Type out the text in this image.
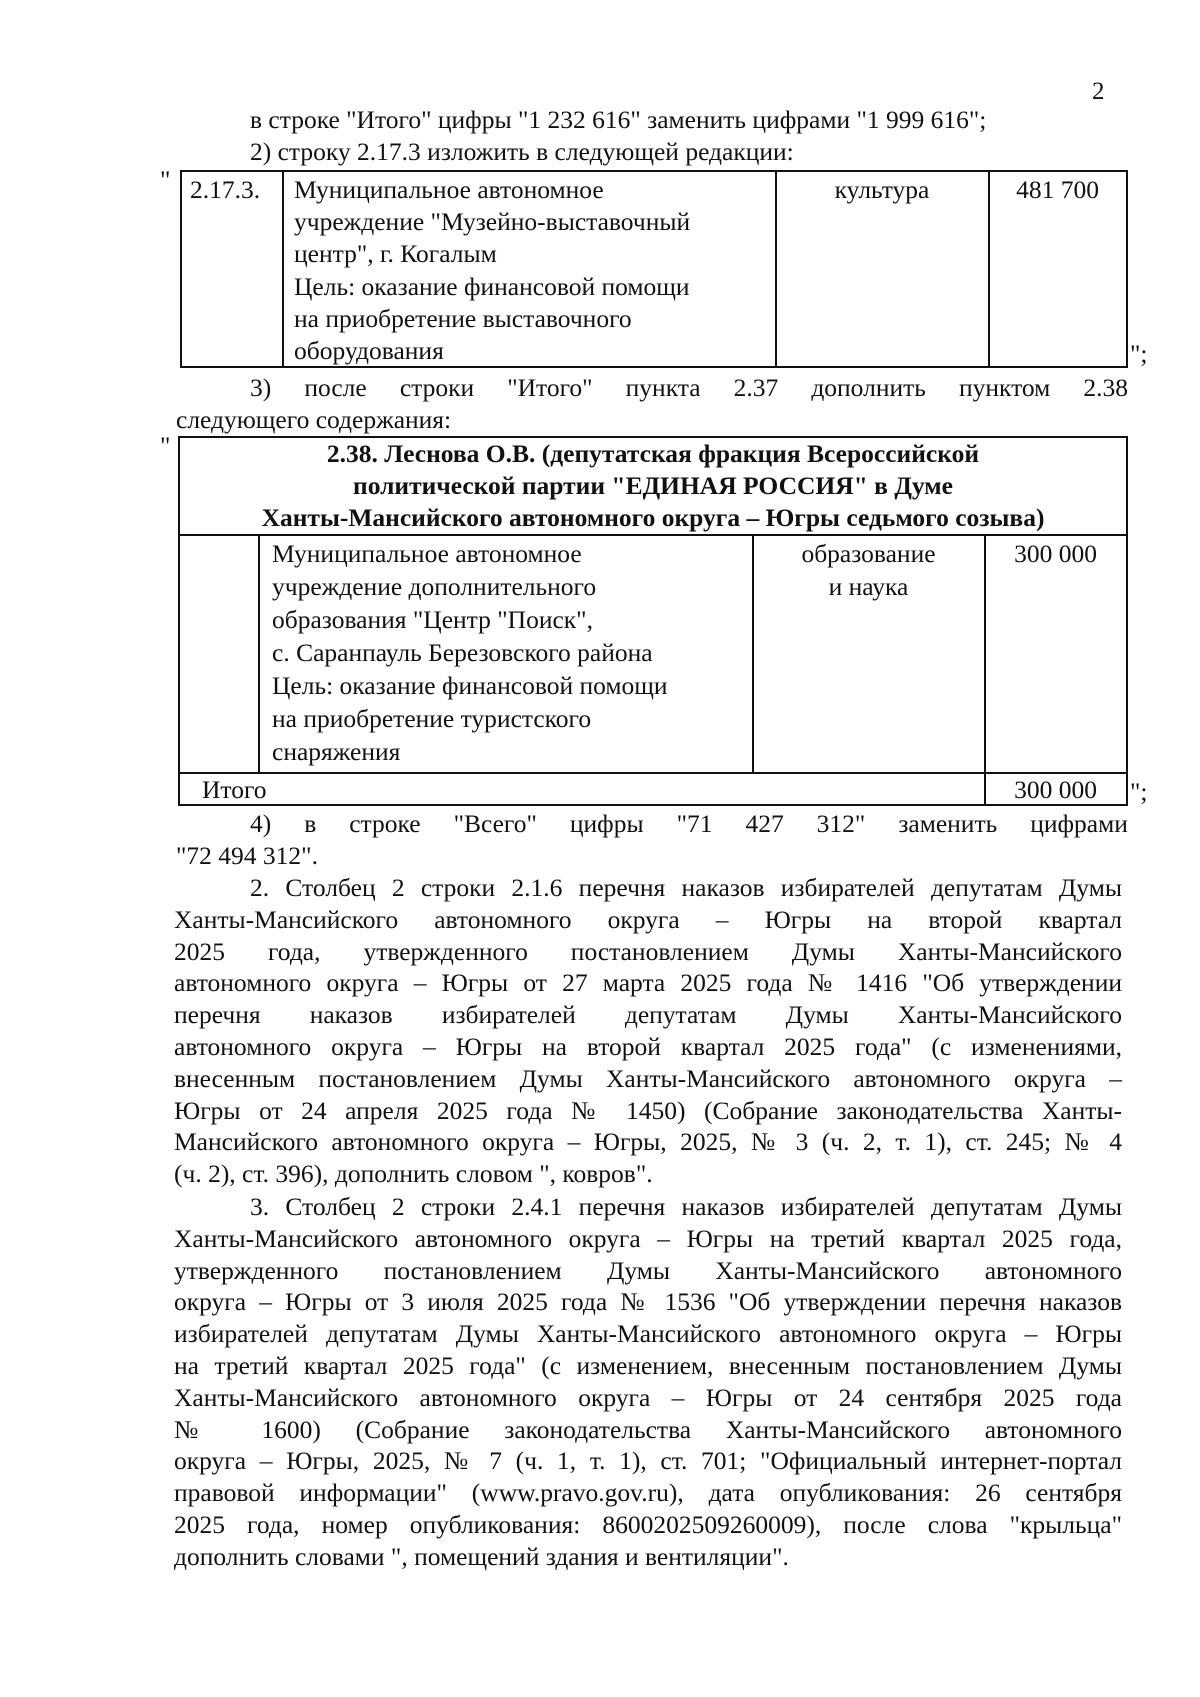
2
в строке "Итого" цифры "1 232 616" заменить цифрами "1 999 616";
2) строку 2.17.3 изложить в следующей редакции:
"
";
2.17.3. Муниципальное автономное
учреждение "Музейно-выставочный
центр", г. Когалым
Цель: оказание финансовой помощи
на приобретение выставочного
оборудования
культура	481 700
3) после строки "Итого" пункта 2.37 дополнить пунктом 2.38
следующего содержания:
"
";
2.38. Леснова О.В. (депутатская фракция Всероссийской
политической партии "ЕДИНАЯ РОССИЯ" в Думе
Ханты-Мансийского автономного округа – Югры седьмого созыва)
Муниципальное автономное
учреждение дополнительного
образования "Центр "Поиск",
с. Саранпауль Березовского района
Цель: оказание финансовой помощи
на приобретение туристского
снаряжения
образование
и наука
300 000
Итого	300 000
4) в строке "Всего" цифры "71 427 312" заменить цифрами
"72 494 312".
2. Столбец 2 строки 2.1.6 перечня наказов избирателей депутатам Думы
Ханты-Мансийского автономного округа – Югры на второй квартал
2025 года, утвержденного постановлением Думы Ханты-Мансийского
автономного округа – Югры от 27 марта 2025 года № 1416 "Об утверждении
перечня наказов избирателей депутатам Думы Ханты-Мансийского
автономного округа – Югры на второй квартал 2025 года" (с изменениями,
внесенным постановлением Думы Ханты-Мансийского автономного округа –
Югры от 24 апреля 2025 года № 1450) (Собрание законодательства Ханты-
Мансийского автономного округа – Югры, 2025, № 3 (ч. 2, т. 1), ст. 245; № 4
(ч. 2), ст. 396), дополнить словом ", ковров".
3. Столбец 2 строки 2.4.1 перечня наказов избирателей депутатам Думы
Ханты-Мансийского автономного округа – Югры на третий квартал 2025 года,
утвержденного постановлением Думы Ханты-Мансийского автономного
округа – Югры от 3 июля 2025 года № 1536 "Об утверждении перечня наказов
избирателей депутатам Думы Ханты-Мансийского автономного округа – Югры
на третий квартал 2025 года" (с изменением, внесенным постановлением Думы
Ханты-Мансийского автономного округа – Югры от 24 сентября 2025 года
№ 1600) (Собрание законодательства Ханты-Мансийского автономного
округа – Югры, 2025, № 7 (ч. 1, т. 1), ст. 701; "Официальный интернет-портал
правовой информации" (www.pravo.gov.ru), дата опубликования: 26 сентября
2025 года, номер опубликования: 8600202509260009), после слова "крыльца"
дополнить словами ", помещений здания и вентиляции".
